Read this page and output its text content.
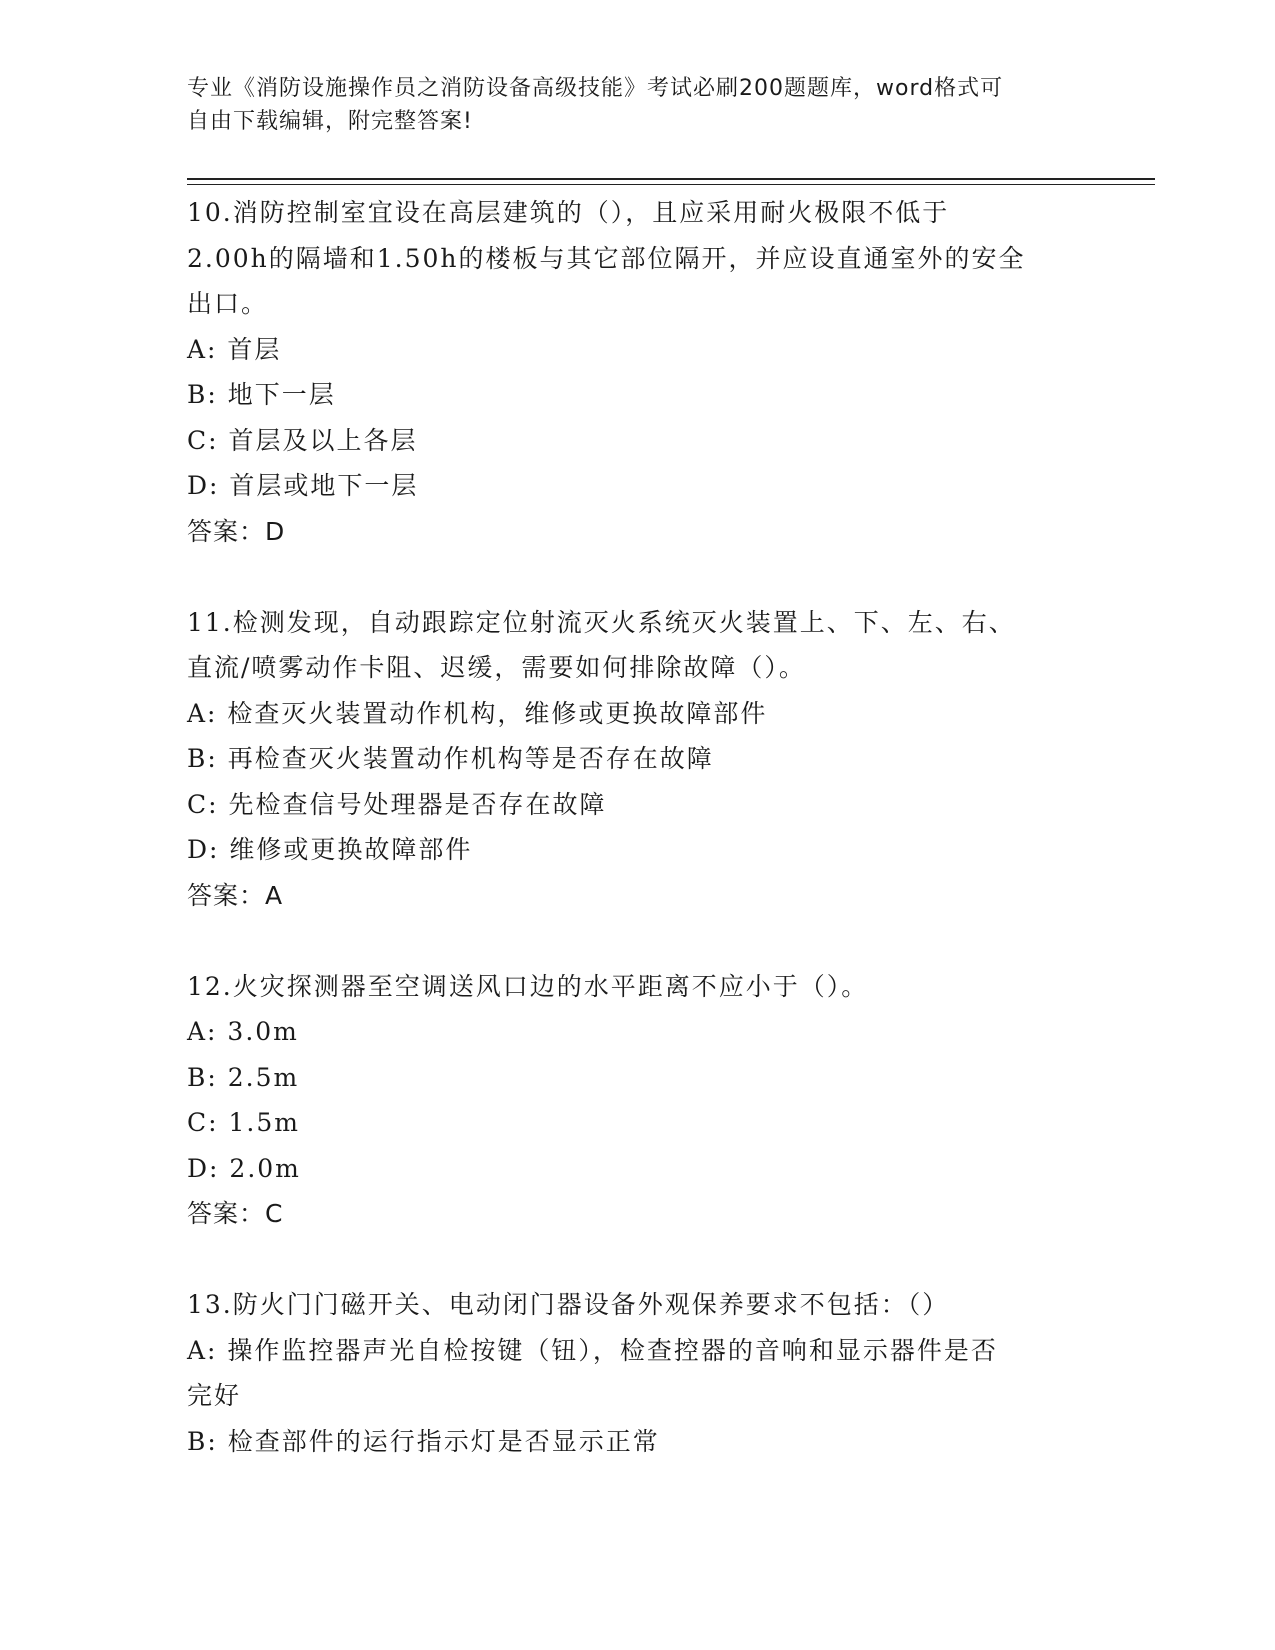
专业《消防设施操作员之消防设备高级技能》考试必刷200题题库，word格式可
自由下载编辑，附完整答案!
10.消防控制室宜设在高层建筑的（），且应采用耐火极限不低于
2.00h的隔墙和1.50h的楼板与其它部位隔开，并应设直通室外的安全
出口。
A: 首层
B: 地下一层
C: 首层及以上各层
D: 首层或地下一层
答案：D
11.检测发现，自动跟踪定位射流灭火系统灭火装置上、下、左、右、
直流/喷雾动作卡阻、迟缓，需要如何排除故障（）。
A: 检查灭火装置动作机构，维修或更换故障部件
B: 再检查灭火装置动作机构等是否存在故障
C: 先检查信号处理器是否存在故障
D: 维修或更换故障部件
答案：A
12.火灾探测器至空调送风口边的水平距离不应小于（）。
A: 3.0m
B: 2.5m
C: 1.5m
D: 2.0m
答案：C
13.防火门门磁开关、电动闭门器设备外观保养要求不包括：（）
A: 操作监控器声光自检按键（钮），检查控器的音响和显示器件是否
完好
B: 检查部件的运行指示灯是否显示正常
